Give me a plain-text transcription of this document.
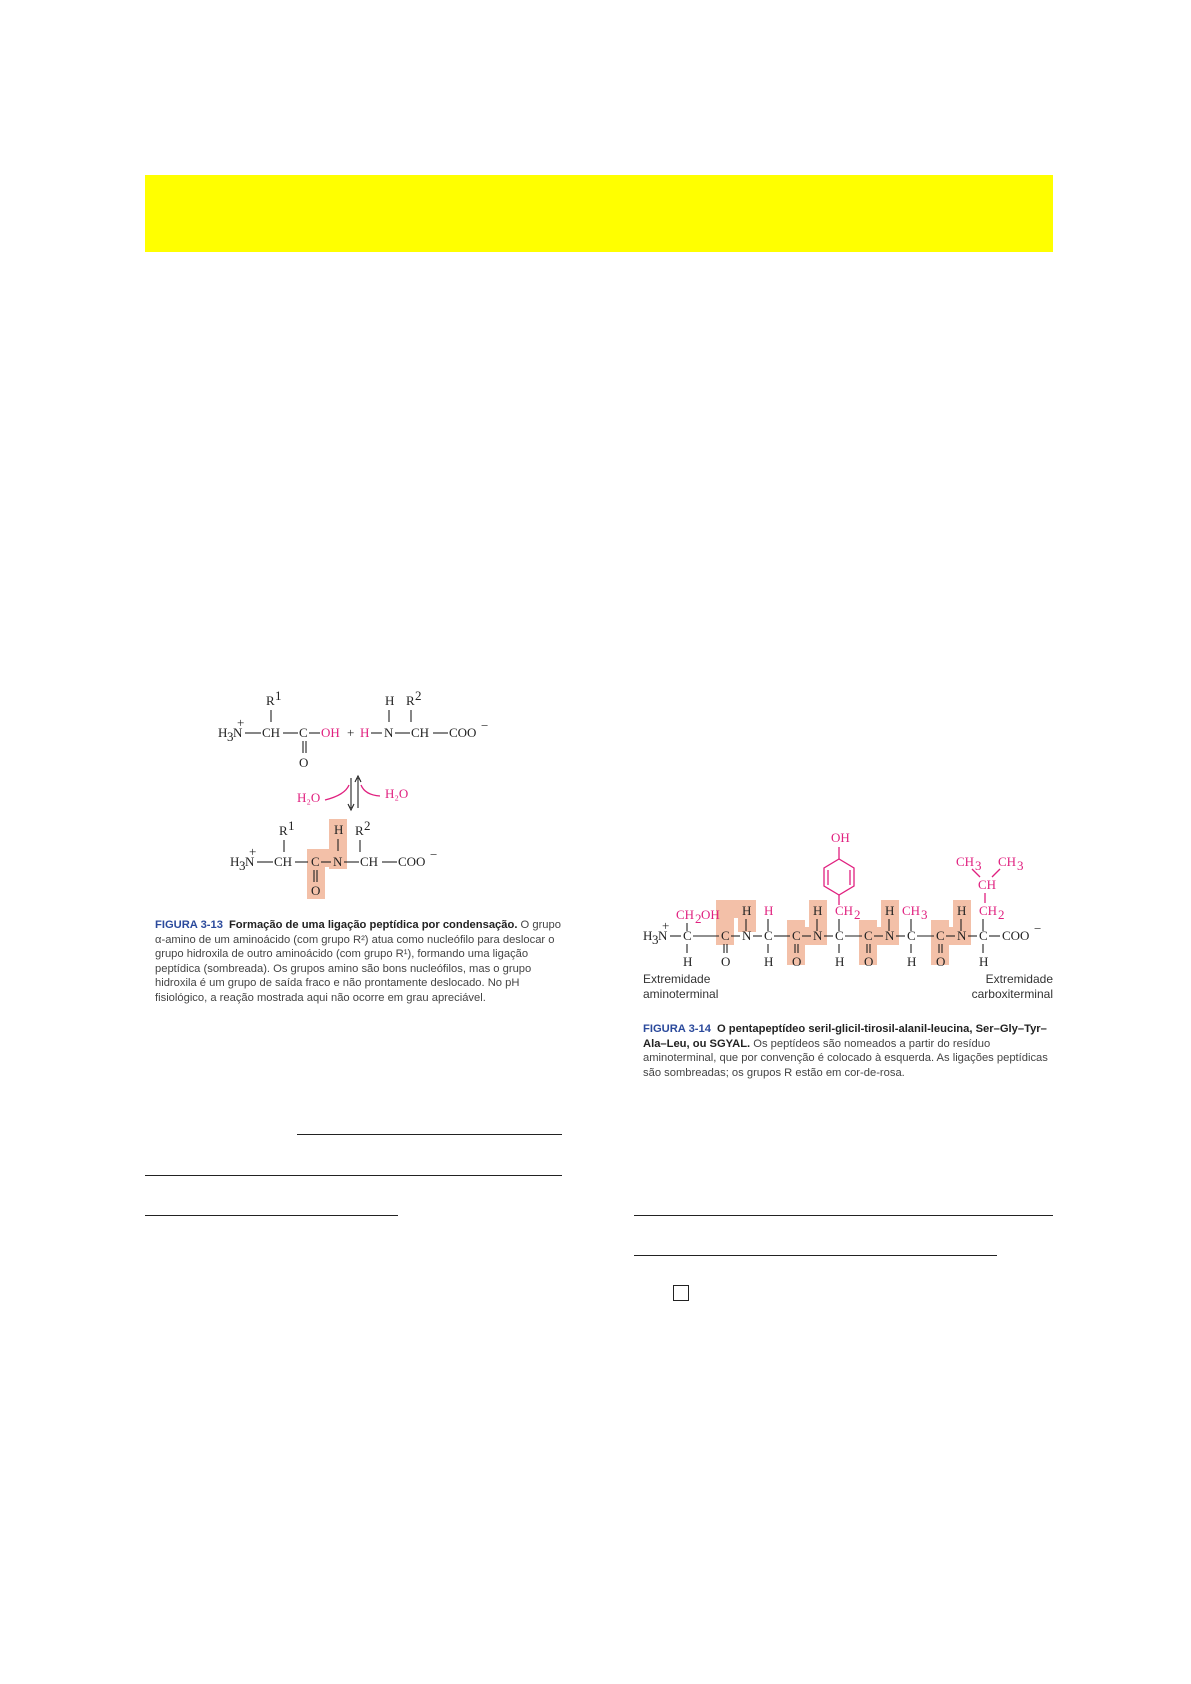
R 1
H 3 N
+
CH C
O
OH + H
H
N
R 2
CH COO −
H₂O	H₂O
R 1
H 3 N
+
CH C
O
H
N
R 2
CH COO −
FIGURA 3-13 Formação de uma ligação peptídica por condensação. O grupo α-amino de um aminoácido (com grupo R²) atua como nucleófilo para deslocar o grupo hidroxila de outro aminoácido (com grupo R¹), formando uma ligação peptídica (sombreada). Os grupos amino são bons nucleófilos, mas o grupo hidroxila é um grupo de saída fraco e não prontamente deslocado. No pH fisiológico, a reação mostrada aqui não ocorre em grau apreciável.
H 3 N
+
C
H
CH 2 OH
C
O
N
H
C
H
H
C
O
N
H
C
H
CH 2
OH
C
O
N
H
C
H
CH 3
C
O
N
H
C
H
CH 2
CH
CH 3 CH 3
COO −
Extremidade
aminoterminal
Extremidade
carboxiterminal
FIGURA 3-14 O pentapeptídeo seril-glicil-tirosil-alanil-leucina, Ser–Gly–Tyr–Ala–Leu, ou SGYAL. Os peptídeos são nomeados a partir do resíduo aminoterminal, que por convenção é colocado à esquerda. As ligações peptídicas são sombreadas; os grupos R estão em cor-de-rosa.
